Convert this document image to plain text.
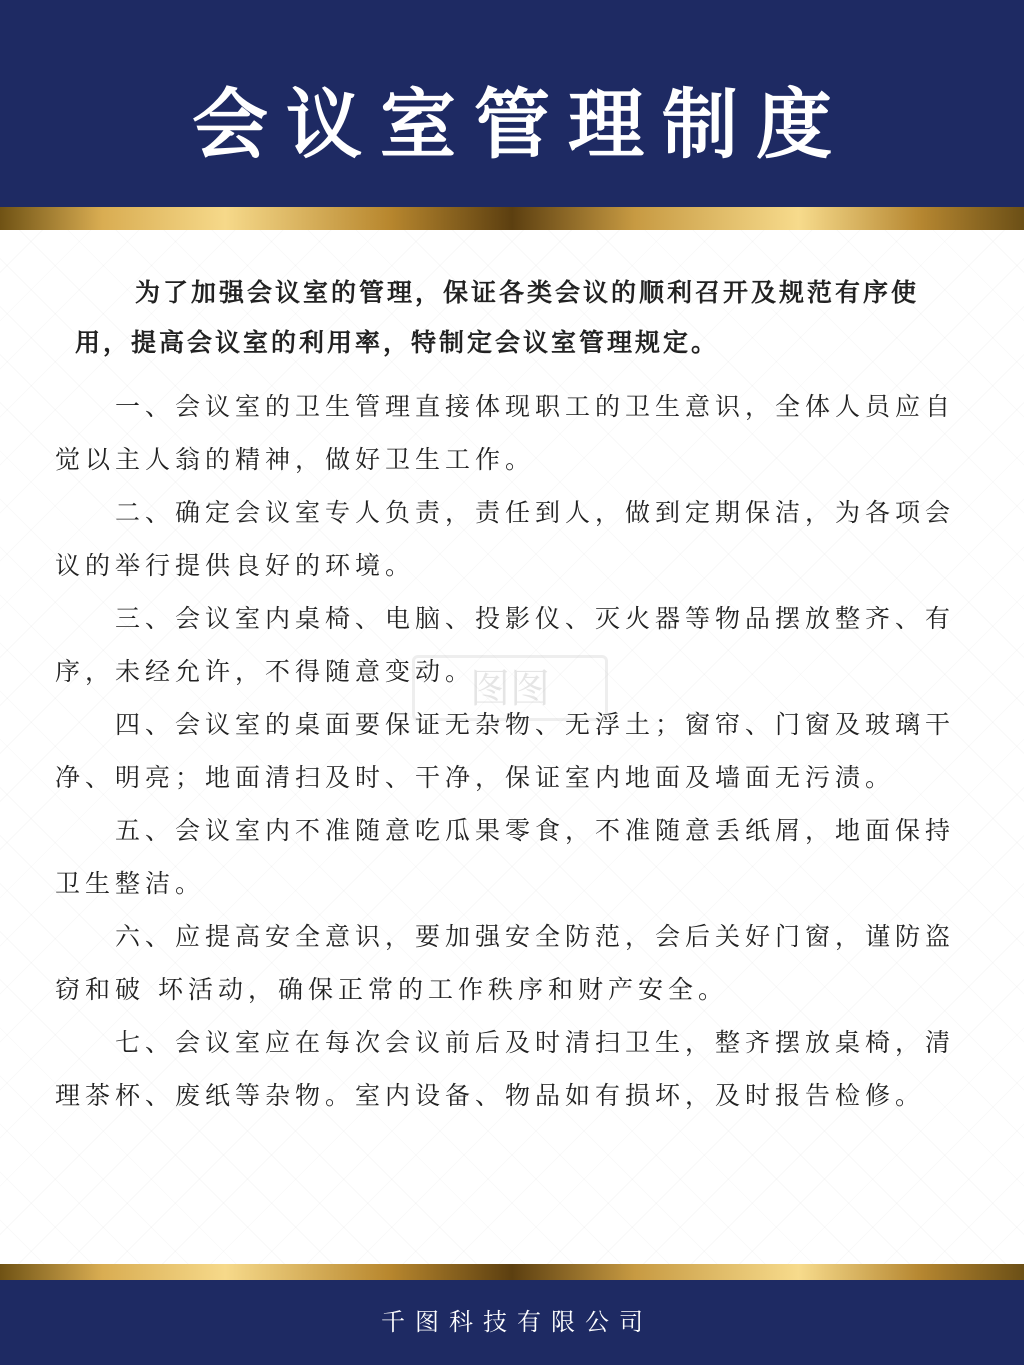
会议室管理制度

为了加强会议室的管理，保证各类会议的顺利召开及规范有序使用，提高会议室的利用率，特制定会议室管理规定。

一、会议室的卫生管理直接体现职工的卫生意识，全体人员应自觉以主人翁的精神，做好卫生工作。

二、确定会议室专人负责，责任到人，做到定期保洁，为各项会议的举行提供良好的环境。

三、会议室内桌椅、电脑、投影仪、灭火器等物品摆放整齐、有序，未经允许，不得随意变动。

四、会议室的桌面要保证无杂物、无浮土；窗帘、门窗及玻璃干净、明亮；地面清扫及时、干净，保证室内地面及墙面无污渍。

五、会议室内不准随意吃瓜果零食，不准随意丢纸屑，地面保持卫生整洁。

六、应提高安全意识，要加强安全防范，会后关好门窗，谨防盗窃和破 坏活动，确保正常的工作秩序和财产安全。

七、会议室应在每次会议前后及时清扫卫生，整齐摆放桌椅，清理茶杯、废纸等杂物。室内设备、物品如有损坏，及时报告检修。

图图
千图科技有限公司
